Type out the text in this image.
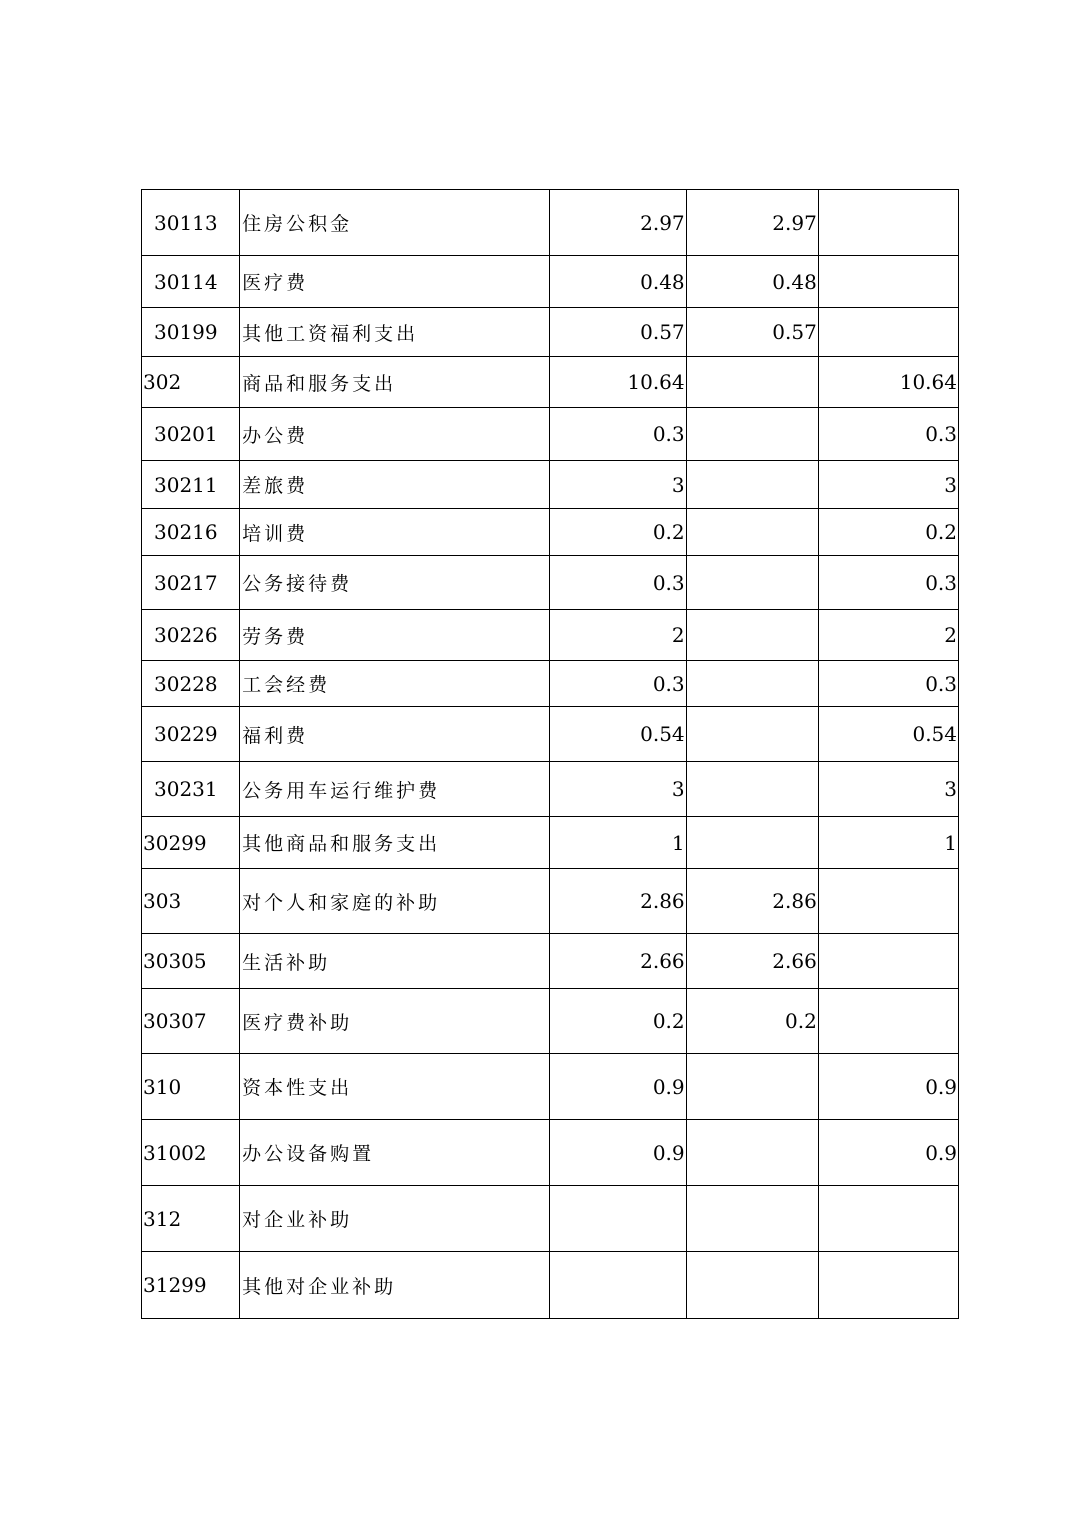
30113	住房公积金	2.97	2.97	
30114	医疗费	0.48	0.48	
30199	其他工资福利支出	0.57	0.57	
302	商品和服务支出	10.64		10.64
30201	办公费	0.3		0.3
30211	差旅费	3		3
30216	培训费	0.2		0.2
30217	公务接待费	0.3		0.3
30226	劳务费	2		2
30228	工会经费	0.3		0.3
30229	福利费	0.54		0.54
30231	公务用车运行维护费	3		3
30299	其他商品和服务支出	1		1
303	对个人和家庭的补助	2.86	2.86	
30305	生活补助	2.66	2.66	
30307	医疗费补助	0.2	0.2	
310	资本性支出	0.9		0.9
31002	办公设备购置	0.9		0.9
312	对企业补助			
31299	其他对企业补助			
